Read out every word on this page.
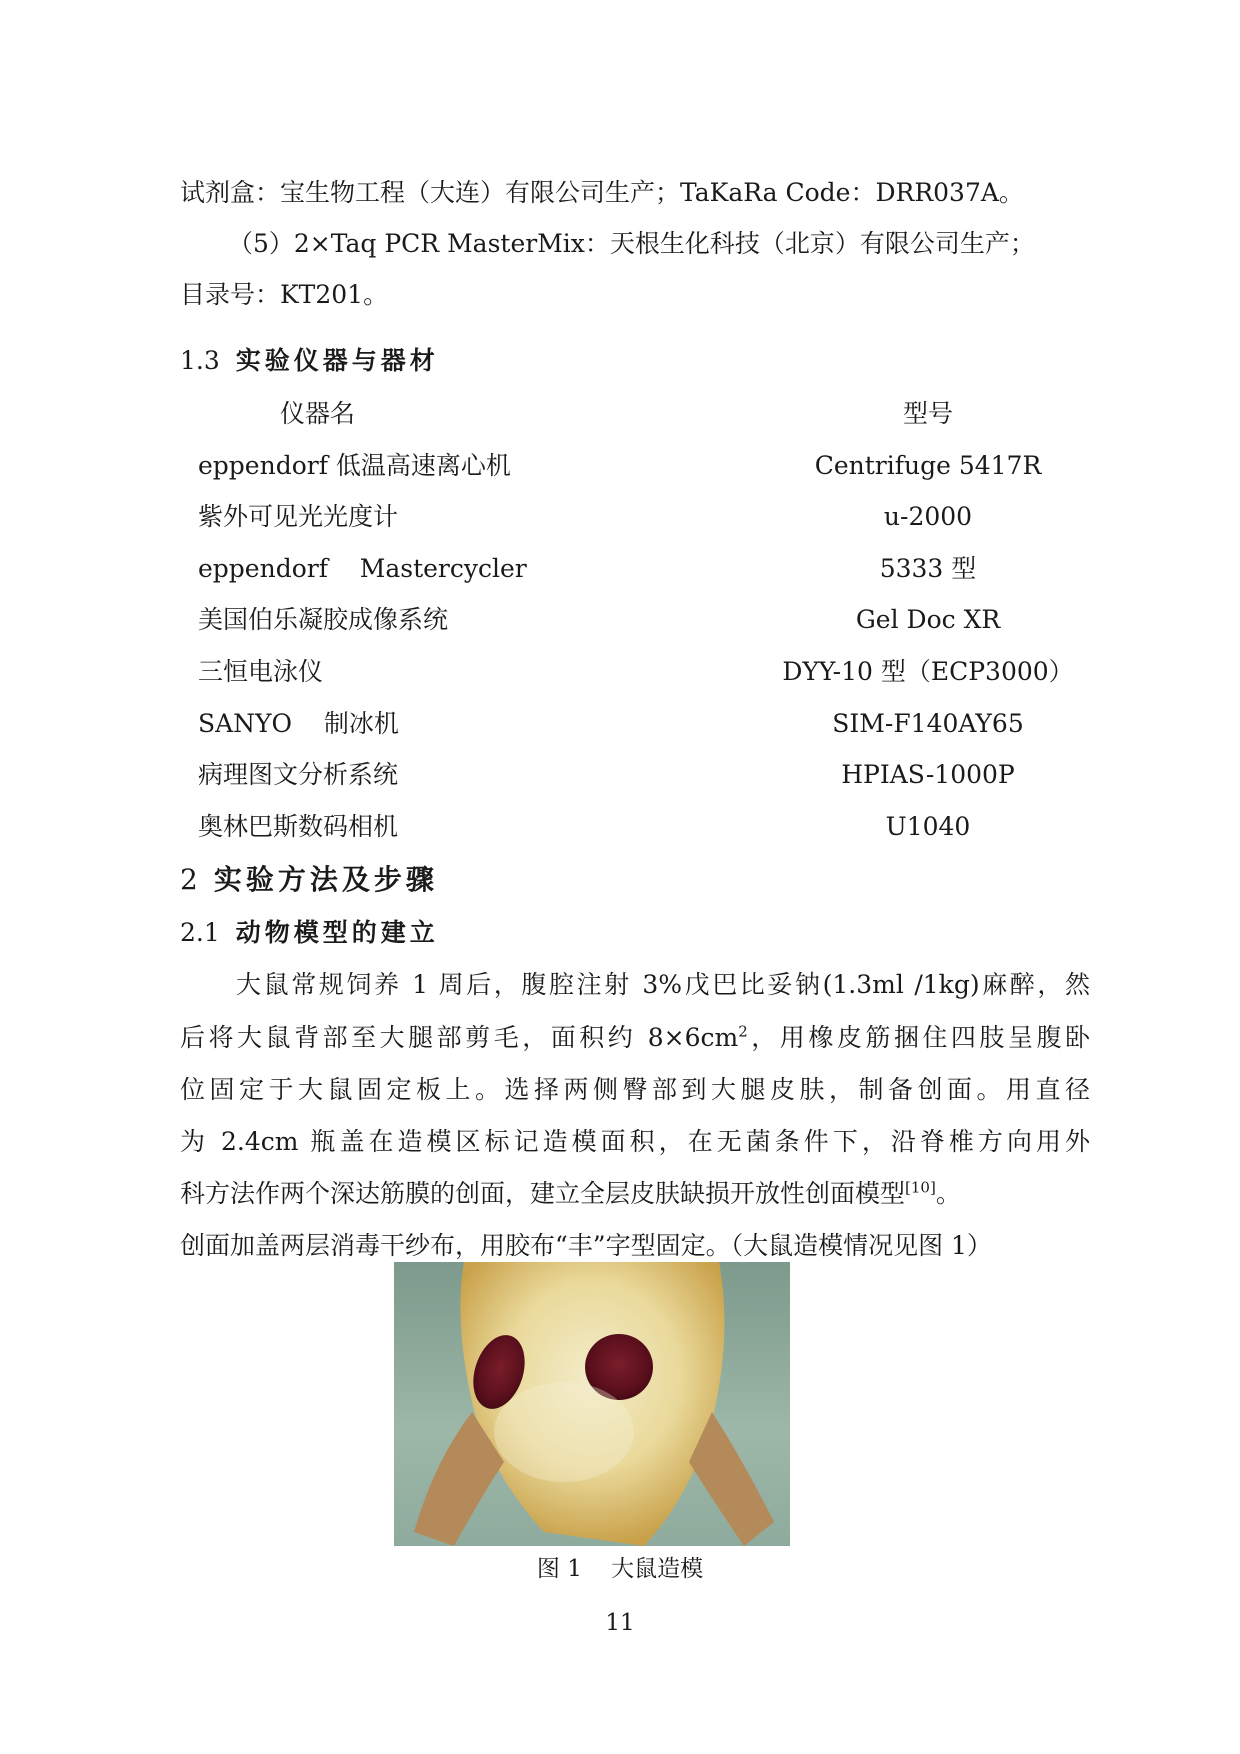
试剂盒：宝生物工程（大连）有限公司生产；TaKaRa Code：DRR037A。
（5）2×Taq PCR MasterMix：天根生化科技（北京）有限公司生产；
目录号：KT201。
1.3 实验仪器与器材
仪器名	型号
eppendorf 低温高速离心机	Centrifuge 5417R
紫外可见光光度计	u-2000
eppendorf    Mastercycler	5333 型
美国伯乐凝胶成像系统	Gel Doc XR
三恒电泳仪	DYY-10 型（ECP3000）
SANYO    制冰机	SIM-F140AY65
病理图文分析系统	HPIAS-1000P
奥林巴斯数码相机	U1040
2 实验方法及步骤
2.1 动物模型的建立
大鼠常规饲养 1 周后，腹腔注射 3%戊巴比妥钠(1.3ml /1kg)麻醉，然
后将大鼠背部至大腿部剪毛，面积约 $8\times 6cm^2$，用橡皮筋捆住四肢呈腹卧
位固定于大鼠固定板上。选择两侧臀部到大腿皮肤，制备创面。用直径
为 2.4cm 瓶盖在造模区标记造模面积，在无菌条件下，沿脊椎方向用外
科方法作两个深达筋膜的创面，建立全层皮肤缺损开放性创面模型[10]。
创面加盖两层消毒干纱布，用胶布“丰”字型固定。（大鼠造模情况见图 1）
图 1 大鼠造模
11
